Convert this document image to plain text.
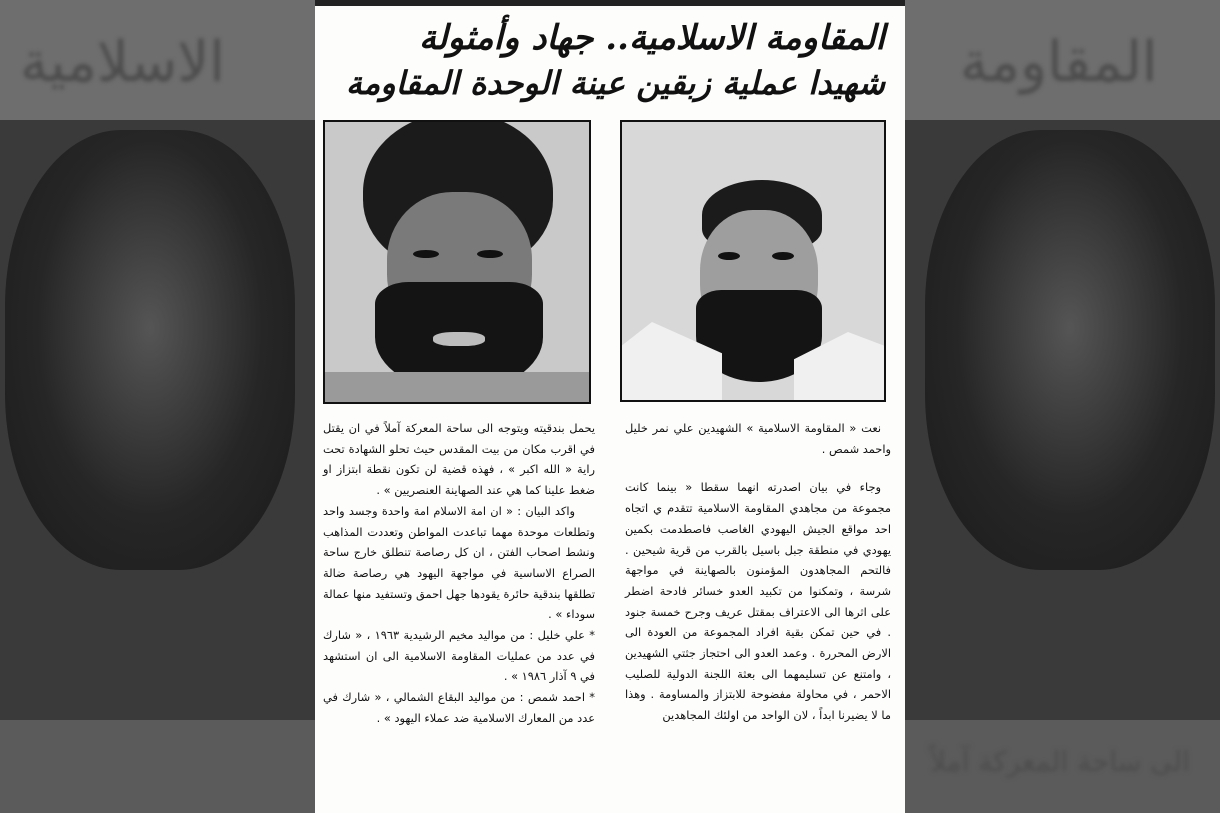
الاسلامية	المقاومة
الى ساحة المعركة آملاً
المقاومة الاسلامية.. جهاد وأمثولة
شهيدا عملية زبقين عينة الوحدة المقاومة

يحمل بندقيته ويتوجه الى ساحة المعركة آملاً في ان يقتل في اقرب مكان من بيت المقدس حيث تحلو الشهادة تحت راية « الله اكبر » ، فهذه قضية لن تكون نقطة ابتزاز او ضغط علينا كما هي عند الصهاينة العنصريين » .

واكد البيان : « ان امة الاسلام امة واحدة وجسد واحد وتطلعات موحدة مهما تباعدت المواطن وتعددت المذاهب ونشط اصحاب الفتن ، ان كل رصاصة تنطلق خارج ساحة الصراع الاساسية في مواجهة اليهود هي رصاصة ضالة تطلقها بندقية حائرة يقودها جهل احمق وتستفيد منها عمالة سوداء » .

* علي خليل : من مواليد مخيم الرشيدية ١٩٦٣ ، « شارك في عدد من عمليات المقاومة الاسلامية الى ان استشهد في ٩ آذار ١٩٨٦ » .

* احمد شمص : من مواليد البقاع الشمالي ، « شارك في عدد من المعارك الاسلامية ضد عملاء اليهود » .

نعت « المقاومة الاسلامية » الشهيدين علي نمر خليل واحمد شمص .

وجاء في بيان اصدرته انهما سقطا « بينما كانت مجموعة من مجاهدي المقاومة الاسلامية تتقدم ي اتجاه احد مواقع الجيش اليهودي الغاصب فاصطدمت بكمين يهودي في منطقة جبل باسيل بالقرب من قرية شيحين . فالتحم المجاهدون المؤمنون بالصهاينة في مواجهة شرسة ، وتمكنوا من تكبيد العدو خسائر فادحة اضطر على اثرها الى الاعتراف بمقتل عريف وجرح خمسة جنود . في حين تمكن بقية افراد المجموعة من العودة الى الارض المحررة . وعمد العدو الى احتجاز جثتي الشهيدين ، وامتنع عن تسليمهما الى بعثة اللجنة الدولية للصليب الاحمر ، في محاولة مفضوحة للابتزاز والمساومة . وهذا ما لا يضيرنا ابداً ، لان الواحد من اولئك المجاهدين
